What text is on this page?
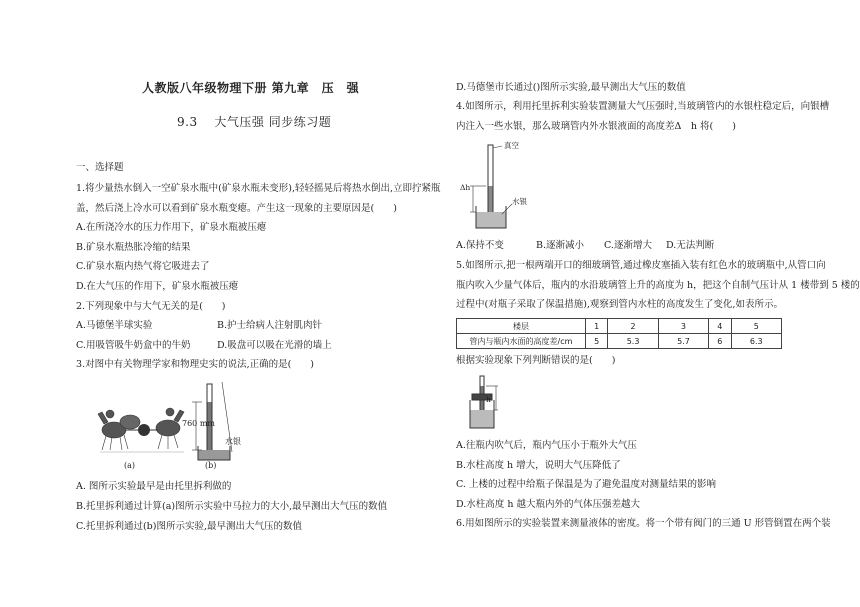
人教版八年级物理下册 第九章　压　强
9.3　 大气压强 同步练习题
一、选择题
1.将少量热水倒入一空矿泉水瓶中(矿泉水瓶未变形),轻轻摇晃后将热水倒出,立即拧紧瓶
盖，然后浇上冷水可以看到矿泉水瓶变瘪。产生这一现象的主要原因是(　　)
A.在所浇冷水的压力作用下，矿泉水瓶被压瘪
B.矿泉水瓶热胀冷缩的结果
C.矿泉水瓶内热气将它吸进去了
D.在大气压的作用下，矿泉水瓶被压瘪
2.下列现象中与大气无关的是(　　)
A.马德堡半球实验	B.护士给病人注射肌肉针
C.用吸管吸牛奶盒中的牛奶	D.吸盘可以吸在光滑的墙上
3.对图中有关物理学家和物理史实的说法,正确的是(　　)
760 mm
水银
(a)	(b)
A. 图所示实验最早是由托里拆利做的
B.托里拆利通过计算(a)图所示实验中马拉力的大小,最早测出大气压的数值
C.托里拆利通过(b)图所示实验,最早测出大气压的数值
D.马德堡市长通过()图所示实验,最早测出大气压的数值
4.如图所示，利用托里拆利实验装置测量大气压强时,当玻璃管内的水银柱稳定后，向银槽
内注入一些水银，那么玻璃管内外水银液面的高度差Δ　h 将(　　)
真空
Δh
水银
A.保持不变	B.逐渐减小 C.逐渐增大 D.无法判断
5.如图所示,把一根两端开口的细玻璃管,通过橡皮塞插入装有红色水的玻璃瓶中,从管口向
瓶内吹入少量气体后，瓶内的水沿玻璃管上升的高度为 h，把这个自制气压计从 1 楼带到 5 楼的
过程中(对瓶子采取了保温措施),观察到管内水柱的高度发生了变化,如表所示。
楼层	1	2	3	4	5
管内与瓶内水面的高度差/cm	5	5.3	5.7	6	6.3
根据实验现象下列判断错误的是(　　)
h
A.往瓶内吹气后，瓶内气压小于瓶外大气压
B.水柱高度 h 增大，说明大气压降低了
C. 上楼的过程中给瓶子保温是为了避免温度对测量结果的影响
D.水柱高度 h 越大瓶内外的气体压强差越大
6.用如图所示的实验装置来测量液体的密度。将一个带有阀门的三通 U 形管倒置在两个装
